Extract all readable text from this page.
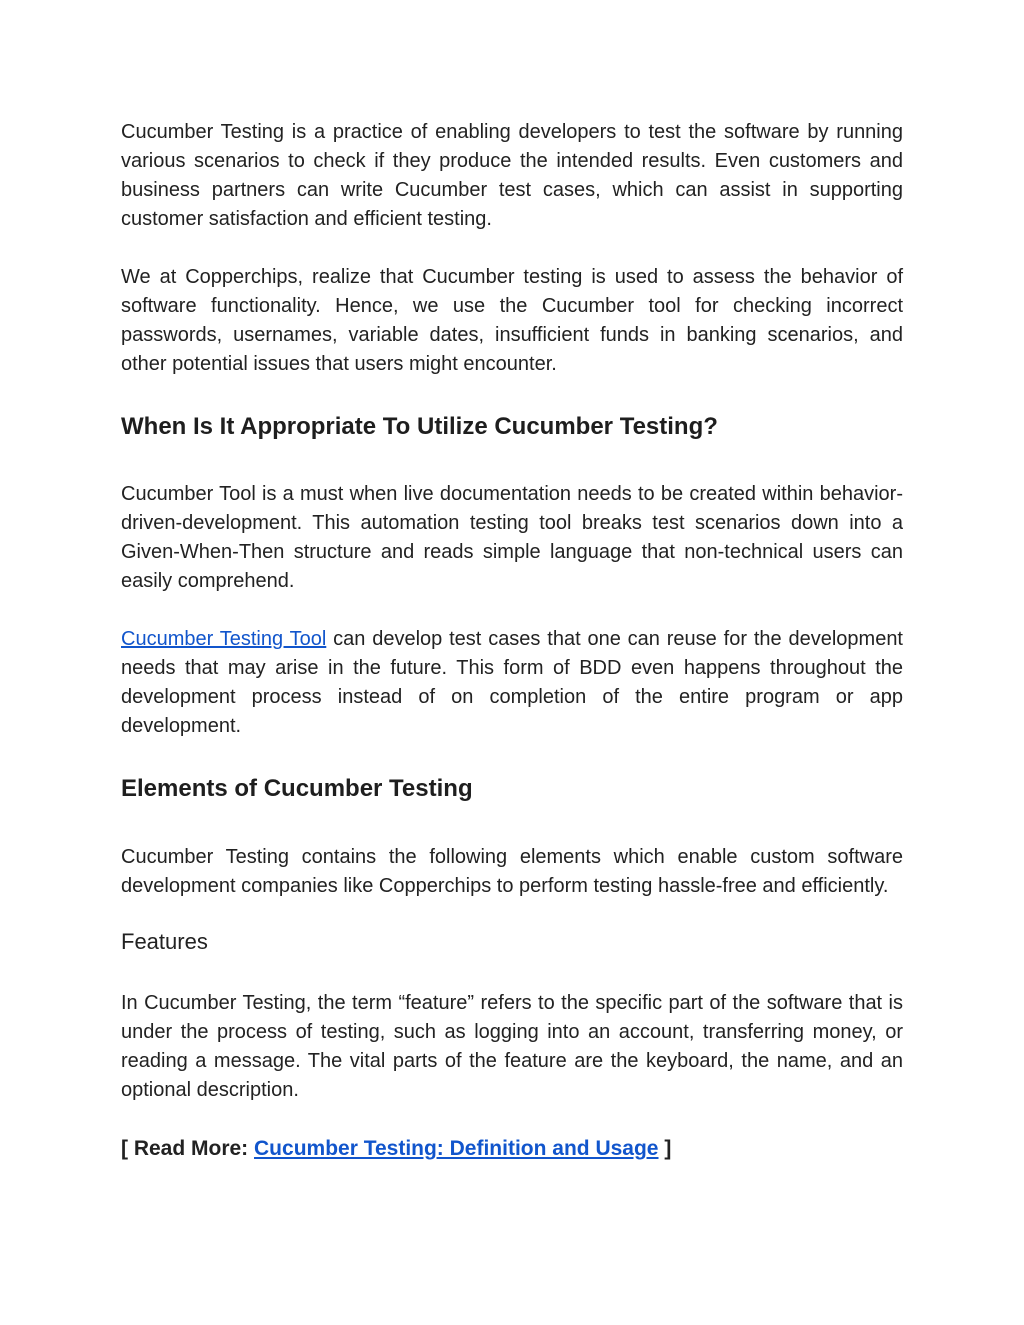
Cucumber Testing is a practice of enabling developers to test the software by running various scenarios to check if they produce the intended results. Even customers and business partners can write Cucumber test cases, which can assist in supporting customer satisfaction and efficient testing.

We at Copperchips, realize that Cucumber testing is used to assess the behavior of software functionality. Hence, we use the Cucumber tool for checking incorrect passwords, usernames, variable dates, insufficient funds in banking scenarios, and other potential issues that users might encounter.

When Is It Appropriate To Utilize Cucumber Testing?

Cucumber Tool is a must when live documentation needs to be created within behavior-driven-development. This automation testing tool breaks test scenarios down into a Given-When-Then structure and reads simple language that non-technical users can easily comprehend.

Cucumber Testing Tool can develop test cases that one can reuse for the development needs that may arise in the future. This form of BDD even happens throughout the development process instead of on completion of the entire program or app development.

Elements of Cucumber Testing

Cucumber Testing contains the following elements which enable custom software development companies like Copperchips to perform testing hassle-free and efficiently.

Features

In Cucumber Testing, the term “feature” refers to the specific part of the software that is under the process of testing, such as logging into an account, transferring money, or reading a message. The vital parts of the feature are the keyboard, the name, and an optional description.

[ Read More: Cucumber Testing: Definition and Usage ]
